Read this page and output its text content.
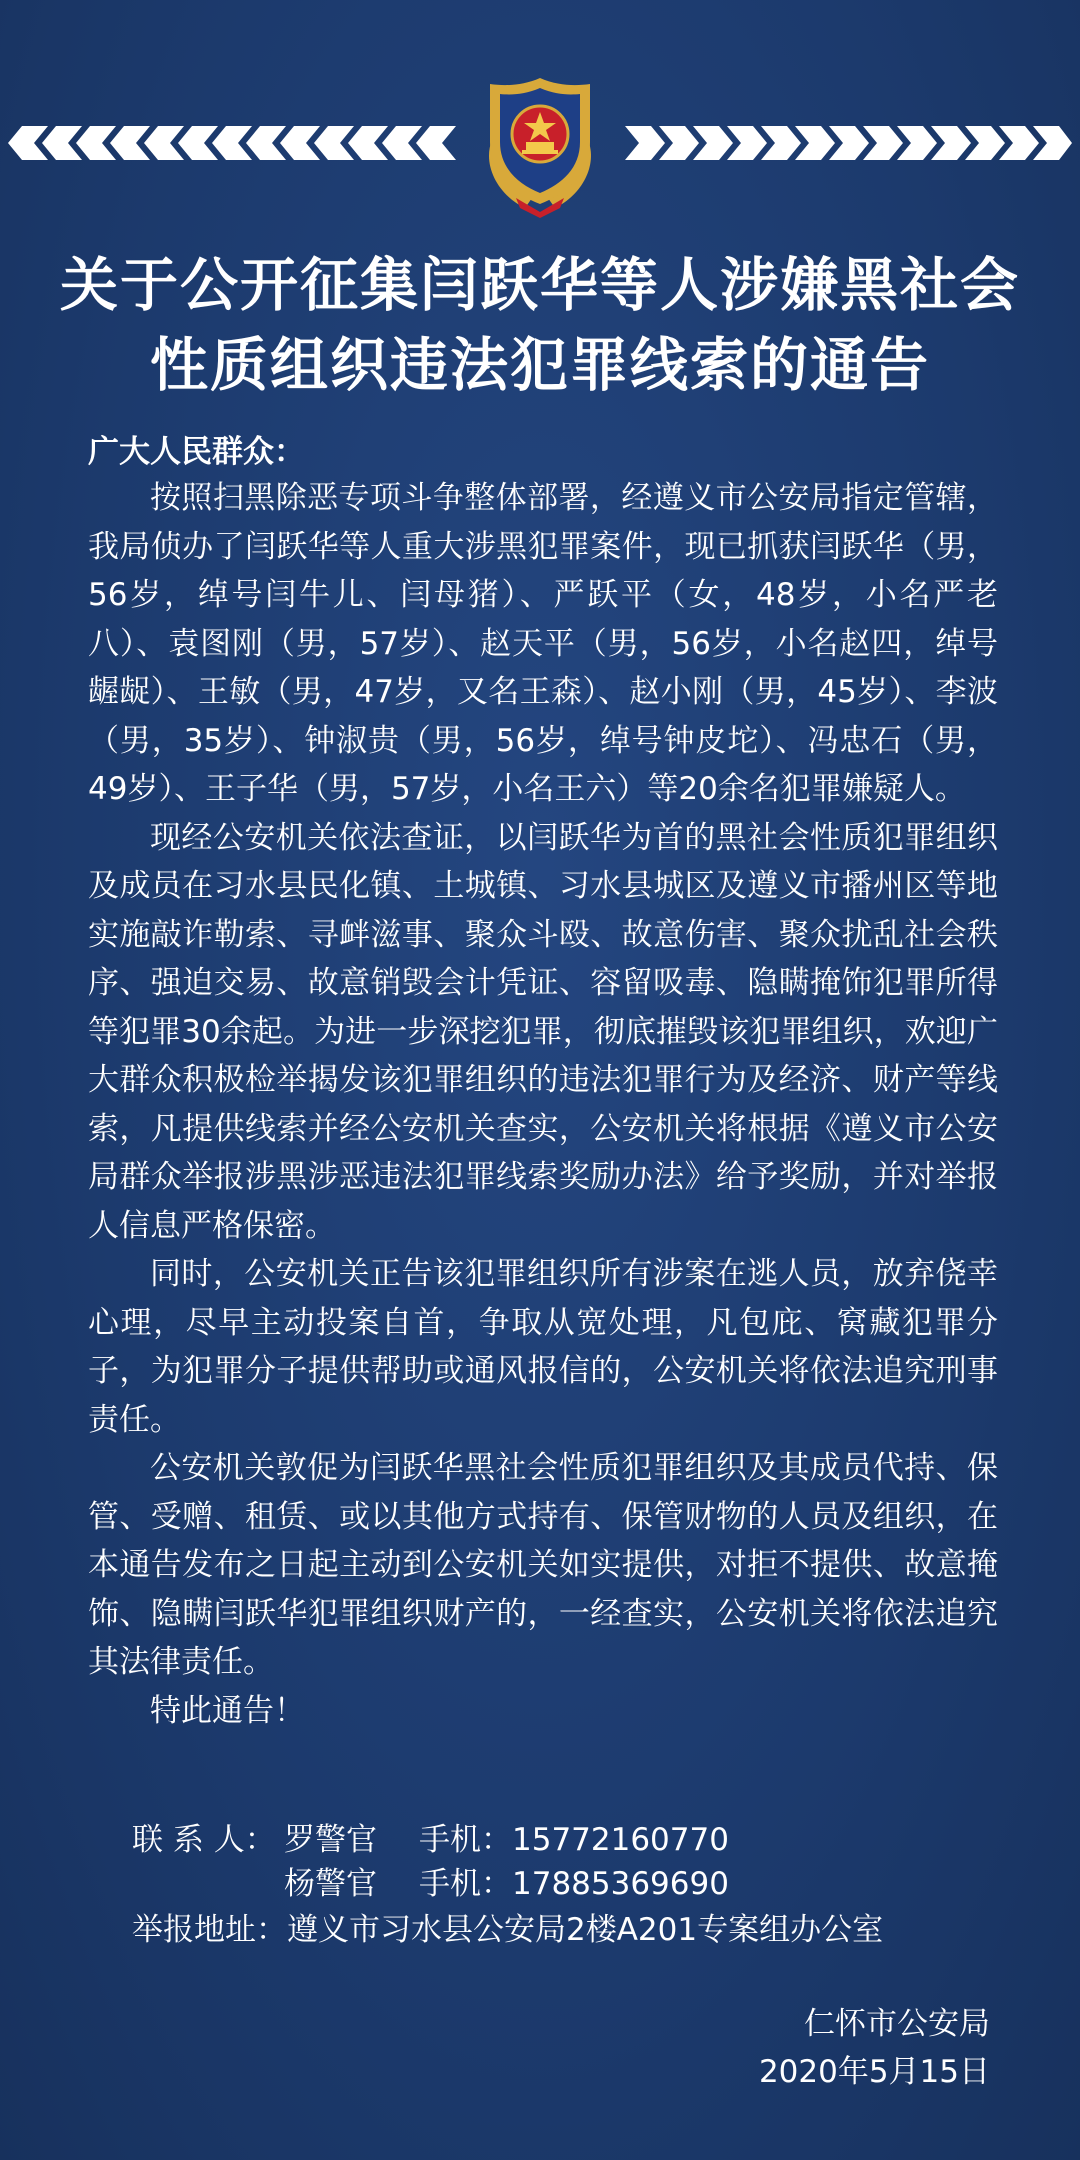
关于公开征集闫跃华等人涉嫌黑社会
性质组织违法犯罪线索的通告
广大人民群众：
按照扫黑除恶专项斗争整体部署，经遵义市公安局指定管辖，我局侦办了闫跃华等人重大涉黑犯罪案件，现已抓获闫跃华（男，56岁，绰号闫牛儿、闫母猪）、严跃平（女，48岁，小名严老八）、袁图刚（男，57岁）、赵天平（男，56岁，小名赵四，绰号龌龊）、王敏（男，47岁，又名王森）、赵小刚（男，45岁）、李波（男，35岁）、钟淑贵（男，56岁，绰号钟皮坨）、冯忠石（男，49岁）、王子华（男，57岁，小名王六）等20余名犯罪嫌疑人。
现经公安机关依法查证，以闫跃华为首的黑社会性质犯罪组织及成员在习水县民化镇、土城镇、习水县城区及遵义市播州区等地实施敲诈勒索、寻衅滋事、聚众斗殴、故意伤害、聚众扰乱社会秩序、强迫交易、故意销毁会计凭证、容留吸毒、隐瞒掩饰犯罪所得等犯罪30余起。为进一步深挖犯罪，彻底摧毁该犯罪组织，欢迎广大群众积极检举揭发该犯罪组织的违法犯罪行为及经济、财产等线索，凡提供线索并经公安机关查实，公安机关将根据《遵义市公安局群众举报涉黑涉恶违法犯罪线索奖励办法》给予奖励，并对举报人信息严格保密。
同时，公安机关正告该犯罪组织所有涉案在逃人员，放弃侥幸心理，尽早主动投案自首，争取从宽处理，凡包庇、窝藏犯罪分子，为犯罪分子提供帮助或通风报信的，公安机关将依法追究刑事责任。
公安机关敦促为闫跃华黑社会性质犯罪组织及其成员代持、保管、受赠、租赁、或以其他方式持有、保管财物的人员及组织，在本通告发布之日起主动到公安机关如实提供，对拒不提供、故意掩饰、隐瞒闫跃华犯罪组织财产的，一经查实，公安机关将依法追究其法律责任。
特此通告！
联 系 人： 罗警官 手机：15772160770
杨警官 手机：17885369690
举报地址：遵义市习水县公安局2楼A201专案组办公室
仁怀市公安局
2020年5月15日
